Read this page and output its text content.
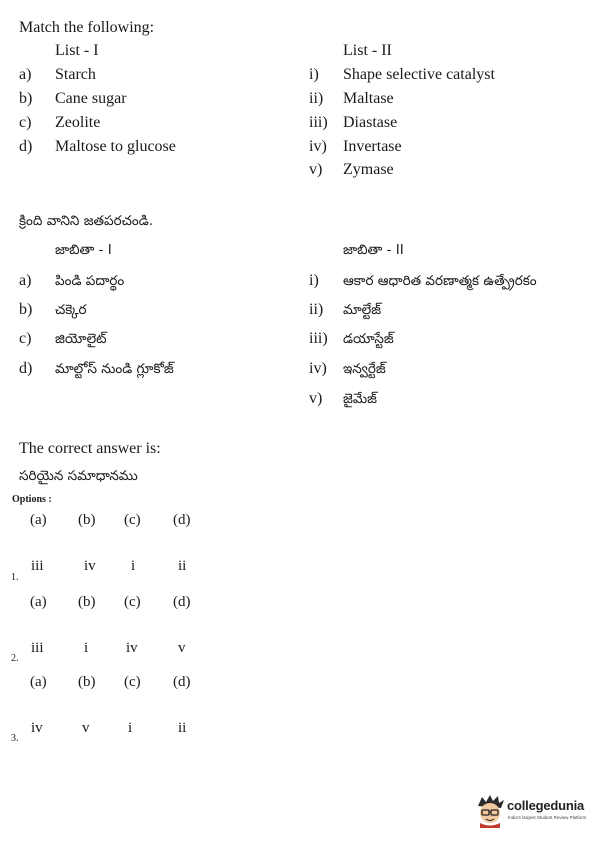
Match the following:
List - I	List - II
a) Starch
b) Cane sugar
c) Zeolite
d) Maltose to glucose
i) Shape selective catalyst
ii) Maltase
iii) Diastase
iv) Invertase
v) Zymase
క్రింది వానిని జతపరచండి.
జాబితా - I	జాబితా - II
a) పిండి పదార్థం
b) చక్కెర
c) జియోలైట్
d) మాల్టోస్ నుండి గ్లూకోజ్
i) ఆకార ఆధారిత వరణాత్మక ఉత్ప్రేరకం
ii) మాల్టేజ్
iii) డయాస్టేజ్
iv) ఇన్వర్టేజ్
v) జైమేజ్
The correct answer is:
సరియైన సమాధానము
Options :
(a) (b) (c) (d)
iii	iv i	ii
1.
(a) (b) (c) (d)
iii	i	iv	v
2.
(a) (b) (c) (d)
iv	v	i	ii
3.
collegedunia
India's largest Student Review Platform
